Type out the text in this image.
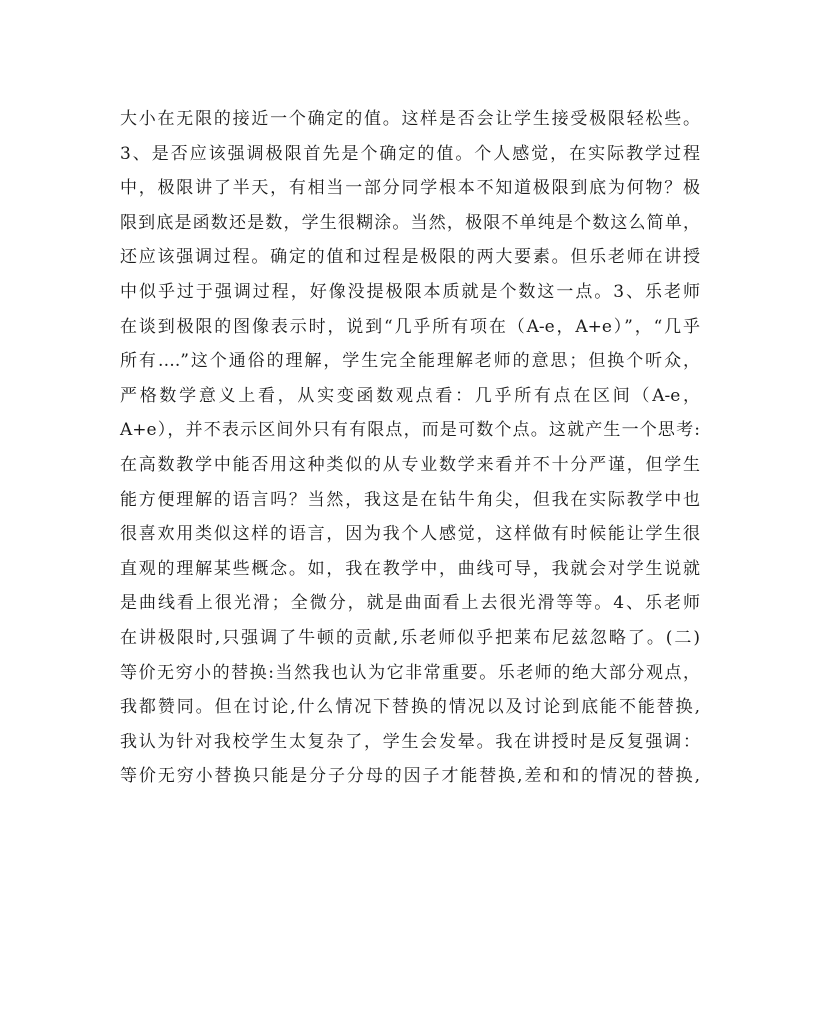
大小在无限的接近一个确定的值。这样是否会让学生接受极限轻松些。
3、是否应该强调极限首先是个确定的值。个人感觉，在实际教学过程
中，极限讲了半天，有相当一部分同学根本不知道极限到底为何物？极
限到底是函数还是数，学生很糊涂。当然，极限不单纯是个数这么简单，
还应该强调过程。确定的值和过程是极限的两大要素。但乐老师在讲授
中似乎过于强调过程，好像没提极限本质就是个数这一点。3、乐老师
在谈到极限的图像表示时，说到“几乎所有项在（A-e，A+e）”，“几乎
所有….”这个通俗的理解，学生完全能理解老师的意思；但换个听众，
严格数学意义上看，从实变函数观点看：几乎所有点在区间（A-e，
A+e），并不表示区间外只有有限点，而是可数个点。这就产生一个思考:
在高数教学中能否用这种类似的从专业数学来看并不十分严谨，但学生
能方便理解的语言吗？当然，我这是在钻牛角尖，但我在实际教学中也
很喜欢用类似这样的语言，因为我个人感觉，这样做有时候能让学生很
直观的理解某些概念。如，我在教学中，曲线可导，我就会对学生说就
是曲线看上很光滑；全微分，就是曲面看上去很光滑等等。4、乐老师
在讲极限时,只强调了牛顿的贡献,乐老师似乎把莱布尼兹忽略了。(二)
等价无穷小的替换:当然我也认为它非常重要。乐老师的绝大部分观点，
我都赞同。但在讨论,什么情况下替换的情况以及讨论到底能不能替换,
我认为针对我校学生太复杂了，学生会发晕。我在讲授时是反复强调：
等价无穷小替换只能是分子分母的因子才能替换,差和和的情况的替换,
